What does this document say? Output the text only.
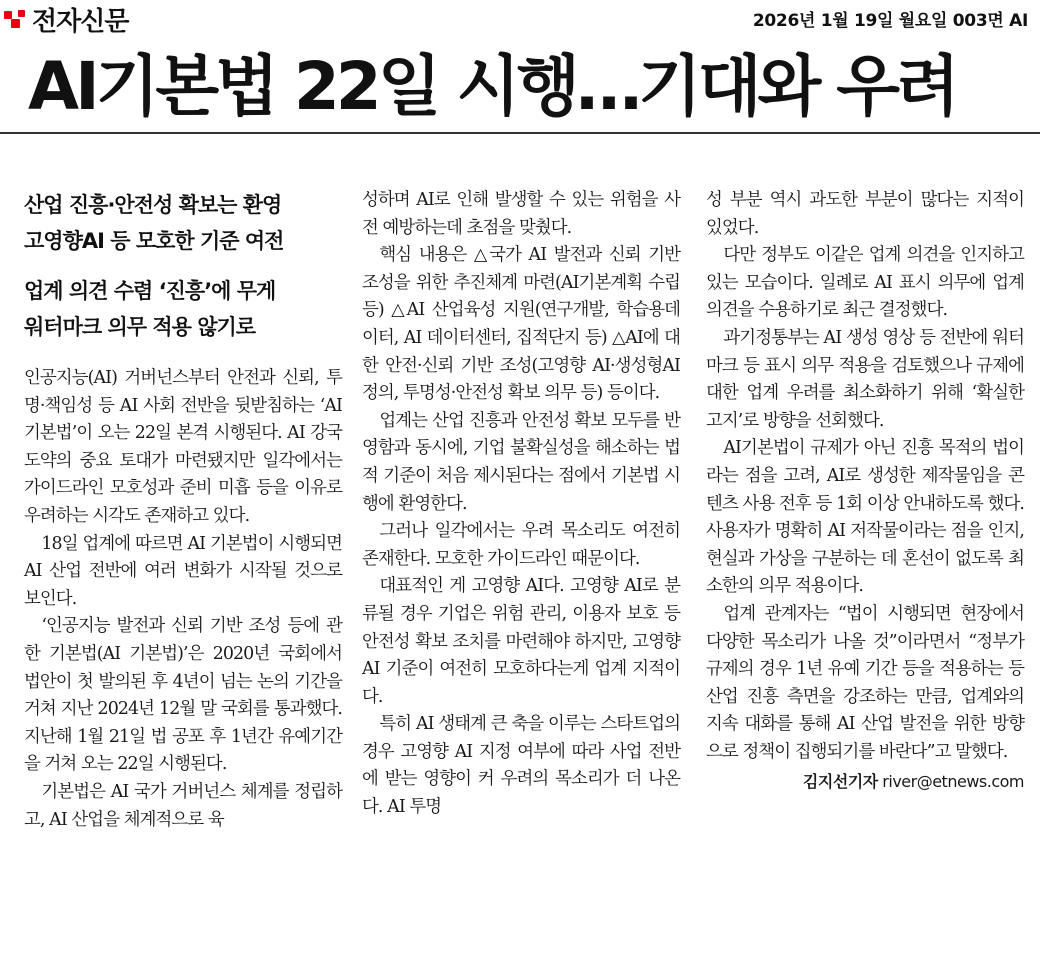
전자신문	2026년 1월 19일 월요일 003면 AI
AI기본법 22일 시행…기대와 우려
산업 진흥·안전성 확보는 환영
고영향AI 등 모호한 기준 여전
업계 의견 수렴 ‘진흥’에 무게
워터마크 의무 적용 않기로

인공지능(AI) 거버넌스부터 안전과 신뢰, 투명·책임성 등 AI 사회 전반을 뒷받침하는 ‘AI기본법’이 오는 22일 본격 시행된다. AI 강국 도약의 중요 토대가 마련됐지만 일각에서는 가이드라인 모호성과 준비 미흡 등을 이유로 우려하는 시각도 존재하고 있다.

18일 업계에 따르면 AI 기본법이 시행되면 AI 산업 전반에 여러 변화가 시작될 것으로 보인다.

‘인공지능 발전과 신뢰 기반 조성 등에 관한 기본법(AI 기본법)’은 2020년 국회에서 법안이 첫 발의된 후 4년이 넘는 논의 기간을 거쳐 지난 2024년 12월 말 국회를 통과했다. 지난해 1월 21일 법 공포 후 1년간 유예기간을 거쳐 오는 22일 시행된다.

기본법은 AI 국가 거버넌스 체계를 정립하고, AI 산업을 체계적으로 육

성하며 AI로 인해 발생할 수 있는 위험을 사전 예방하는데 초점을 맞췄다.

핵심 내용은 △국가 AI 발전과 신뢰 기반 조성을 위한 추진체계 마련(AI기본계획 수립 등) △AI 산업육성 지원(연구개발, 학습용데이터, AI 데이터센터, 집적단지 등) △AI에 대한 안전·신뢰 기반 조성(고영향 AI·생성형AI 정의, 투명성·안전성 확보 의무 등) 등이다.

업계는 산업 진흥과 안전성 확보 모두를 반영함과 동시에, 기업 불확실성을 해소하는 법적 기준이 처음 제시된다는 점에서 기본법 시행에 환영한다.

그러나 일각에서는 우려 목소리도 여전히 존재한다. 모호한 가이드라인 때문이다.

대표적인 게 고영향 AI다. 고영향 AI로 분류될 경우 기업은 위험 관리, 이용자 보호 등 안전성 확보 조치를 마련해야 하지만, 고영향 AI 기준이 여전히 모호하다는게 업계 지적이다.

특히 AI 생태계 큰 축을 이루는 스타트업의 경우 고영향 AI 지정 여부에 따라 사업 전반에 받는 영향이 커 우려의 목소리가 더 나온다. AI 투명

성 부분 역시 과도한 부분이 많다는 지적이 있었다.

다만 정부도 이같은 업계 의견을 인지하고 있는 모습이다. 일례로 AI 표시 의무에 업계 의견을 수용하기로 최근 결정했다.

과기정통부는 AI 생성 영상 등 전반에 워터마크 등 표시 의무 적용을 검토했으나 규제에 대한 업계 우려를 최소화하기 위해 ‘확실한 고지’로 방향을 선회했다.

AI기본법이 규제가 아닌 진흥 목적의 법이라는 점을 고려, AI로 생성한 제작물임을 콘텐츠 사용 전후 등 1회 이상 안내하도록 했다. 사용자가 명확히 AI 저작물이라는 점을 인지, 현실과 가상을 구분하는 데 혼선이 없도록 최소한의 의무 적용이다.

업계 관계자는 “법이 시행되면 현장에서 다양한 목소리가 나올 것”이라면서 “정부가 규제의 경우 1년 유예 기간 등을 적용하는 등 산업 진흥 측면을 강조하는 만큼, 업계와의 지속 대화를 통해 AI 산업 발전을 위한 방향으로 정책이 집행되기를 바란다”고 말했다.

김지선기자 river@etnews.com
